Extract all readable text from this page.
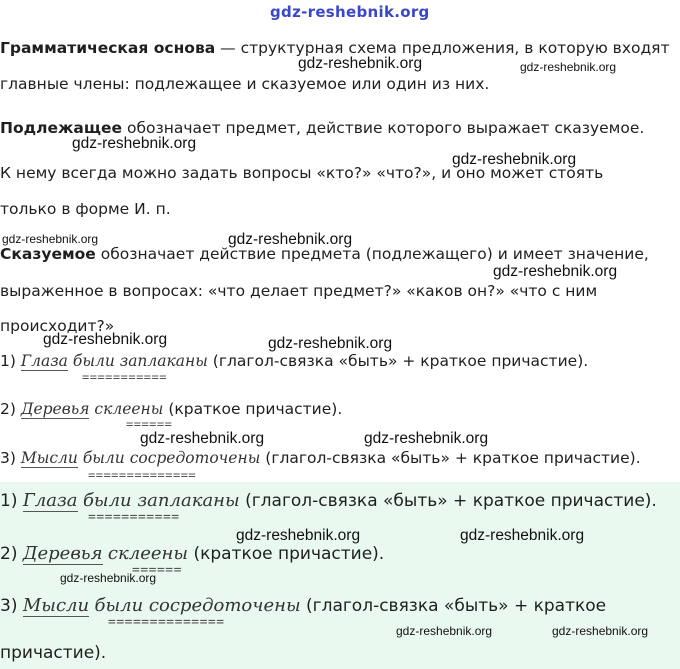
gdz-reshebnik.org
Грамматическая основа — структурная схема предложения, в которую входят
главные члены: подлежащее и сказуемое или один из них.
Подлежащее обозначает предмет, действие которого выражает сказуемое.
К нему всегда можно задать вопросы «кто?» «что?», и оно может стоять
только в форме И. п.
Сказуемое обозначает действие предмета (подлежащего) и имеет значение,
выраженное в вопросах: «что делает предмет?» «каков он?» «что с ним
происходит?»
1) Глаза были заплаканы (глагол-связка «быть» + краткое причастие).
===========
2) Деревья склеены (краткое причастие).
======
3) Мысли были сосредоточены (глагол-связка «быть» + краткое причастие).
==============
1) Глаза были заплаканы (глагол-связка «быть» + краткое причастие).
===========
2) Деревья склеены (краткое причастие).
======
3) Мысли были сосредоточены (глагол-связка «быть» + краткое
==============
причастие).
gdz-reshebnik.org	gdz-reshebnik.org
gdz-reshebnik.org
gdz-reshebnik.org
gdz-reshebnik.org	gdz-reshebnik.org
gdz-reshebnik.org
gdz-reshebnik.org	gdz-reshebnik.org
gdz-reshebnik.org	gdz-reshebnik.org
gdz-reshebnik.org	gdz-reshebnik.org
gdz-reshebnik.org
gdz-reshebnik.org	gdz-reshebnik.org
